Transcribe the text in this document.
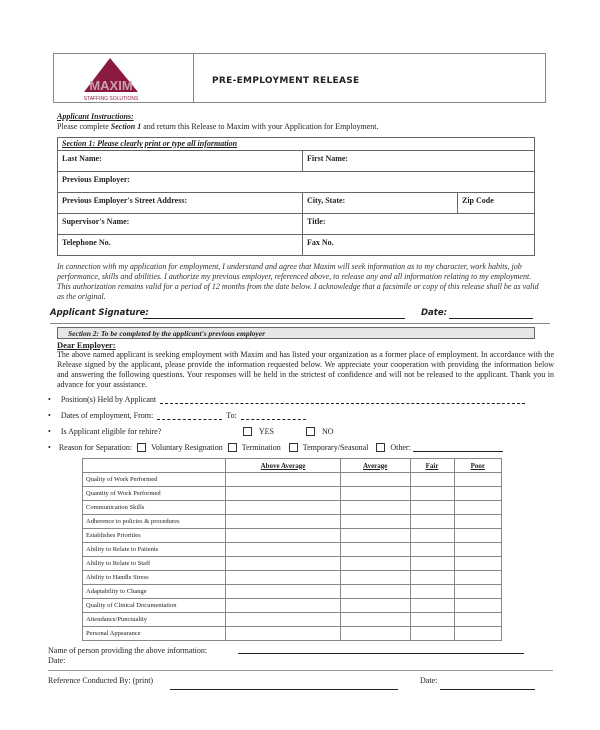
MAXIM
STAFFING SOLUTIONS
PRE-EMPLOYMENT RELEASE
Applicant Instructions:
Please complete Section 1 and return this Release to Maxim with your Application for Employment.
Section 1: Please clearly print or type all information
Last Name:	First Name:
Previous Employer:
Previous Employer's Street Address:	City, State:	Zip Code
Supervisor's Name:	Title:
Telephone No.	Fax No.
In connection with my application for employment, I understand and agree that Maxim will seek information as to my character, work habits, job performance, skills and abilities. I authorize my previous employer, referenced above, to release any and all information relating to my employment. This authorization remains valid for a period of 12 months from the date below. I acknowledge that a facsimile or copy of this release shall be as valid as the original.
Applicant Signature:	Date:
Section 2: To be completed by the applicant's previous employer
Dear Employer:
The above named applicant is seeking employment with Maxim and has listed your organization as a former place of employment. In accordance with the Release signed by the applicant, please provide the information requested below. We appreciate your cooperation with providing the information below and answering the following questions. Your responses will be held in the strictest of confidence and will not be released to the applicant. Thank you in advance for your assistance.
•
Position(s) Held by Applicant
•
Dates of employment, From:	To:
•
Is Applicant eligible for rehire?	YES	NO
•
Reason for Separation: Voluntary Resignation Termination	Temporary/Seasonal	Other:
	Above Average	Average	Fair	Poor
Quality of Work Performed				
Quantity of Work Performed				
Communication Skills				
Adherence to policies & procedures				
Establishes Priorities				
Ability to Relate to Patients				
Ability to Relate to Staff				
Ability to Handle Stress				
Adaptability to Change				
Quality of Clinical Documentation				
Attendance/Punctuality				
Personal Appearance				
Name of person providing the above information:
Date:
Reference Conducted By: (print)	Date:
